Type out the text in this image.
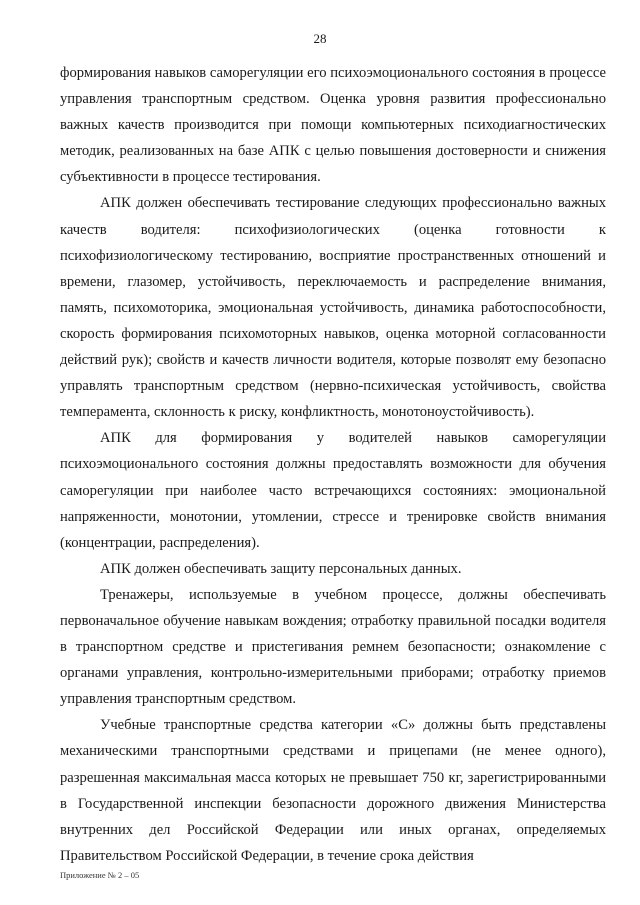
28

формирования навыков саморегуляции его психоэмоционального состояния в процессе управления транспортным средством. Оценка уровня развития профессионально важных качеств производится при помощи компьютерных психодиагностических методик, реализованных на базе АПК с целью повышения достоверности и снижения субъективности в процессе тестирования.

АПК должен обеспечивать тестирование следующих профессионально важных качеств водителя: психофизиологических (оценка готовности к психофизиологическому тестированию, восприятие пространственных отношений и времени, глазомер, устойчивость, переключаемость и распределение внимания, память, психомоторика, эмоциональная устойчивость, динамика работоспособности, скорость формирования психомоторных навыков, оценка моторной согласованности действий рук); свойств и качеств личности водителя, которые позволят ему безопасно управлять транспортным средством (нервно-психическая устойчивость, свойства темперамента, склонность к риску, конфликтность, монотоноустойчивость).

АПК для формирования у водителей навыков саморегуляции психоэмоционального состояния должны предоставлять возможности для обучения саморегуляции при наиболее часто встречающихся состояниях: эмоциональной напряженности, монотонии, утомлении, стрессе и тренировке свойств внимания (концентрации, распределения).

АПК должен обеспечивать защиту персональных данных.

Тренажеры, используемые в учебном процессе, должны обеспечивать первоначальное обучение навыкам вождения; отработку правильной посадки водителя в транспортном средстве и пристегивания ремнем безопасности; ознакомление с органами управления, контрольно-измерительными приборами; отработку приемов управления транспортным средством.

Учебные транспортные средства категории «C» должны быть представлены механическими транспортными средствами и прицепами (не менее одного), разрешенная максимальная масса которых не превышает 750 кг, зарегистрированными в Государственной инспекции безопасности дорожного движения Министерства внутренних дел Российской Федерации или иных органах, определяемых Правительством Российской Федерации, в течение срока действия

Приложение № 2 – 05
